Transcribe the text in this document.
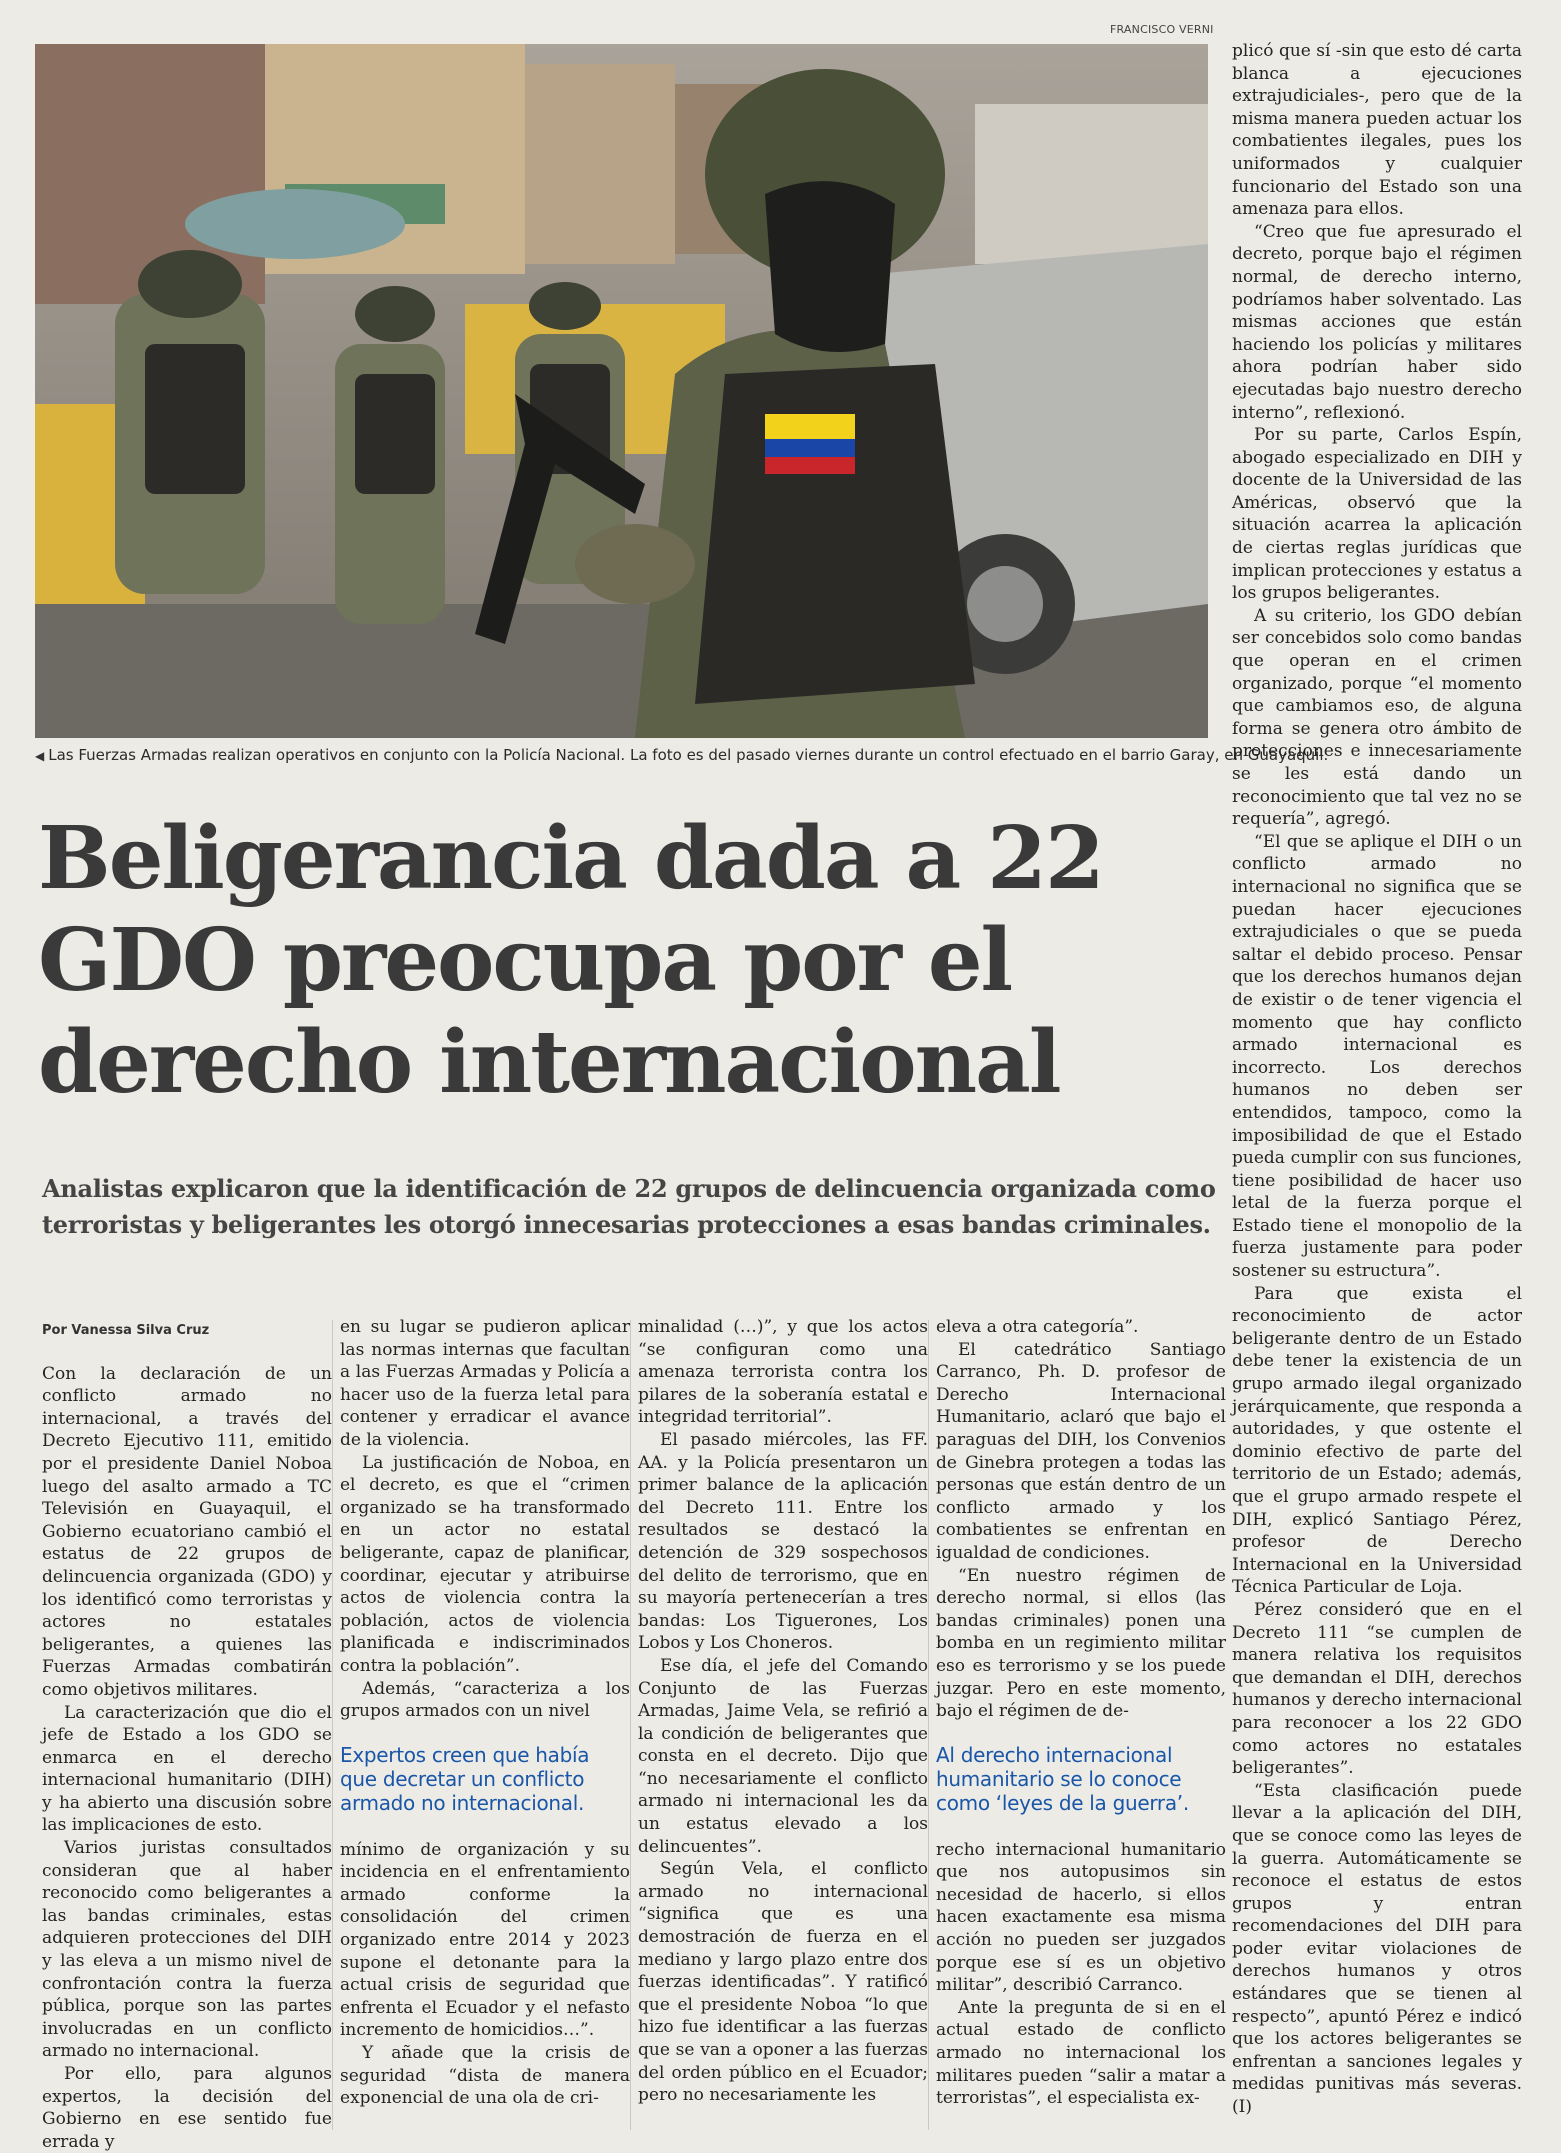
FRANCISCO VERNI
◀ Las Fuerzas Armadas realizan operativos en conjunto con la Policía Nacional. La foto es del pasado viernes durante un control efectuado en el barrio Garay, en Guayaquil.
Beligerancia dada a 22 GDO preocupa por el derecho internacional

Analistas explicaron que la identificación de 22 grupos de delincuencia organizada como terroristas y beligerantes les otorgó innecesarias protecciones a esas bandas criminales.

Por Vanessa Silva Cruz

Con la declaración de un conflicto armado no internacional, a través del Decreto Ejecutivo 111, emitido por el presidente Daniel Noboa luego del asalto armado a TC Televisión en Guayaquil, el Gobierno ecuatoriano cambió el estatus de 22 grupos de delincuencia organizada (GDO) y los identificó como terroristas y actores no estatales beligerantes, a quienes las Fuerzas Armadas combatirán como objetivos militares.

La caracterización que dio el jefe de Estado a los GDO se enmarca en el derecho internacional humanitario (DIH) y ha abierto una discusión sobre las implicaciones de esto.

Varios juristas consultados consideran que al haber reconocido como beligerantes a las bandas criminales, estas adquieren protecciones del DIH y las eleva a un mismo nivel de confrontación contra la fuerza pública, porque son las partes involucradas en un conflicto armado no internacional.

Por ello, para algunos expertos, la decisión del Gobierno en ese sentido fue errada y

en su lugar se pudieron aplicar las normas internas que facultan a las Fuerzas Armadas y Policía a hacer uso de la fuerza letal para contener y erradicar el avance de la violencia.

La justificación de Noboa, en el decreto, es que el “crimen organizado se ha transformado en un actor no estatal beligerante, capaz de planificar, coordinar, ejecutar y atribuirse actos de violencia contra la población, actos de violencia planificada e indiscriminados contra la población”.

Además, “caracteriza a los grupos armados con un nivel

Expertos creen que había que decretar un conflicto armado no internacional.

mínimo de organización y su incidencia en el enfrentamiento armado conforme la consolidación del crimen organizado entre 2014 y 2023 supone el detonante para la actual crisis de seguridad que enfrenta el Ecuador y el nefasto incremento de homicidios…”.

Y añade que la crisis de seguridad “dista de manera exponencial de una ola de cri-

minalidad (…)”, y que los actos “se configuran como una amenaza terrorista contra los pilares de la soberanía estatal e integridad territorial”.

El pasado miércoles, las FF. AA. y la Policía presentaron un primer balance de la aplicación del Decreto 111. Entre los resultados se destacó la detención de 329 sospechosos del delito de terrorismo, que en su mayoría pertenecerían a tres bandas: Los Tiguerones, Los Lobos y Los Choneros.

Ese día, el jefe del Comando Conjunto de las Fuerzas Armadas, Jaime Vela, se refirió a la condición de beligerantes que consta en el decreto. Dijo que “no necesariamente el conflicto armado ni internacional les da un estatus elevado a los delincuentes”.

Según Vela, el conflicto armado no internacional “significa que es una demostración de fuerza en el mediano y largo plazo entre dos fuerzas identificadas”. Y ratificó que el presidente Noboa “lo que hizo fue identificar a las fuerzas que se van a oponer a las fuerzas del orden público en el Ecuador; pero no necesariamente les

eleva a otra categoría”.

El catedrático Santiago Carranco, Ph. D. profesor de Derecho Internacional Humanitario, aclaró que bajo el paraguas del DIH, los Convenios de Ginebra protegen a todas las personas que están dentro de un conflicto armado y los combatientes se enfrentan en igualdad de condiciones.

“En nuestro régimen de derecho normal, si ellos (las bandas criminales) ponen una bomba en un regimiento militar eso es terrorismo y se los puede juzgar. Pero en este momento, bajo el régimen de de-

Al derecho internacional humanitario se lo conoce como ‘leyes de la guerra’.

recho internacional humanitario que nos autopusimos sin necesidad de hacerlo, si ellos hacen exactamente esa misma acción no pueden ser juzgados porque ese sí es un objetivo militar”, describió Carranco.

Ante la pregunta de si en el actual estado de conflicto armado no internacional los militares pueden “salir a matar a terroristas”, el especialista ex-

plicó que sí -sin que esto dé carta blanca a ejecuciones extrajudiciales-, pero que de la misma manera pueden actuar los combatientes ilegales, pues los uniformados y cualquier funcionario del Estado son una amenaza para ellos.

“Creo que fue apresurado el decreto, porque bajo el régimen normal, de derecho interno, podríamos haber solventado. Las mismas acciones que están haciendo los policías y militares ahora podrían haber sido ejecutadas bajo nuestro derecho interno”, reflexionó.

Por su parte, Carlos Espín, abogado especializado en DIH y docente de la Universidad de las Américas, observó que la situación acarrea la aplicación de ciertas reglas jurídicas que implican protecciones y estatus a los grupos beligerantes.

A su criterio, los GDO debían ser concebidos solo como bandas que operan en el crimen organizado, porque “el momento que cambiamos eso, de alguna forma se genera otro ámbito de protecciones e innecesariamente se les está dando un reconocimiento que tal vez no se requería”, agregó.

“El que se aplique el DIH o un conflicto armado no internacional no significa que se puedan hacer ejecuciones extrajudiciales o que se pueda saltar el debido proceso. Pensar que los derechos humanos dejan de existir o de tener vigencia el momento que hay conflicto armado internacional es incorrecto. Los derechos humanos no deben ser entendidos, tampoco, como la imposibilidad de que el Estado pueda cumplir con sus funciones, tiene posibilidad de hacer uso letal de la fuerza porque el Estado tiene el monopolio de la fuerza justamente para poder sostener su estructura”.

Para que exista el reconocimiento de actor beligerante dentro de un Estado debe tener la existencia de un grupo armado ilegal organizado jerárquicamente, que responda a autoridades, y que ostente el dominio efectivo de parte del territorio de un Estado; además, que el grupo armado respete el DIH, explicó Santiago Pérez, profesor de Derecho Internacional en la Universidad Técnica Particular de Loja.

Pérez consideró que en el Decreto 111 “se cumplen de manera relativa los requisitos que demandan el DIH, derechos humanos y derecho internacional para reconocer a los 22 GDO como actores no estatales beligerantes”.

“Esta clasificación puede llevar a la aplicación del DIH, que se conoce como las leyes de la guerra. Automáticamente se reconoce el estatus de estos grupos y entran recomendaciones del DIH para poder evitar violaciones de derechos humanos y otros estándares que se tienen al respecto”, apuntó Pérez e indicó que los actores beligerantes se enfrentan a sanciones legales y medidas punitivas más severas. (I)
